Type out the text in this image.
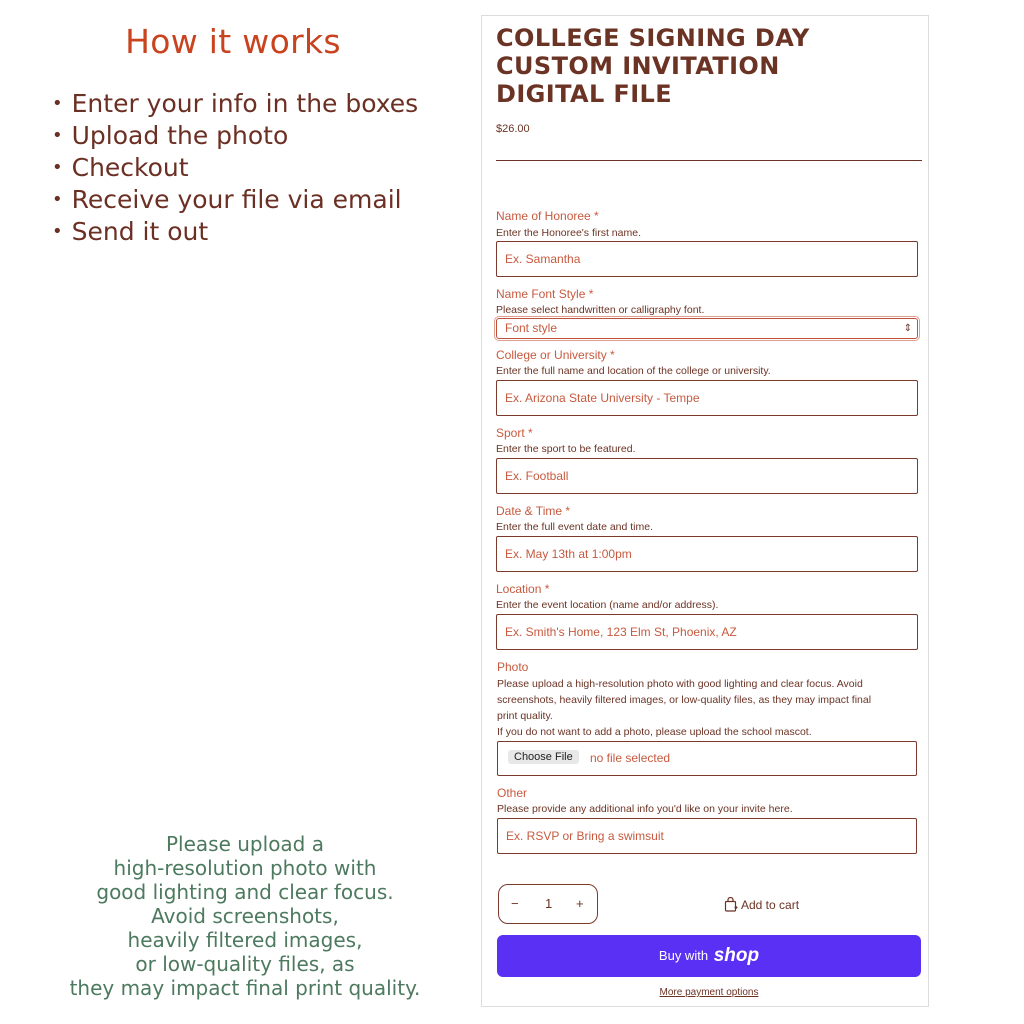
How it works
• Enter your info in the boxes
• Upload the photo
• Checkout
• Receive your file via email
• Send it out
Please upload a
high-resolution photo with
good lighting and clear focus.
Avoid screenshots,
heavily filtered images,
or low-quality files, as
they may impact final print quality.
COLLEGE SIGNING DAY
CUSTOM INVITATION
DIGITAL FILE
$26.00
Name of Honoree *
Enter the Honoree's first name.
Ex. Samantha
Name Font Style *
Please select handwritten or calligraphy font.
Font style	⇕
College or University *
Enter the full name and location of the college or university.
Ex. Arizona State University - Tempe
Sport *
Enter the sport to be featured.
Ex. Football
Date & Time *
Enter the full event date and time.
Ex. May 13th at 1:00pm
Location *
Enter the event location (name and/or address).
Ex. Smith's Home, 123 Elm St, Phoenix, AZ
Photo
Please upload a high-resolution photo with good lighting and clear focus. Avoid
screenshots, heavily filtered images, or low-quality files, as they may impact final
print quality.
If you do not want to add a photo, please upload the school mascot.
Choose File	no file selected
Other
Please provide any additional info you'd like on your invite here.
Ex. RSVP or Bring a swimsuit
− 1 +	Add to cart
Buy with shop
More payment options
